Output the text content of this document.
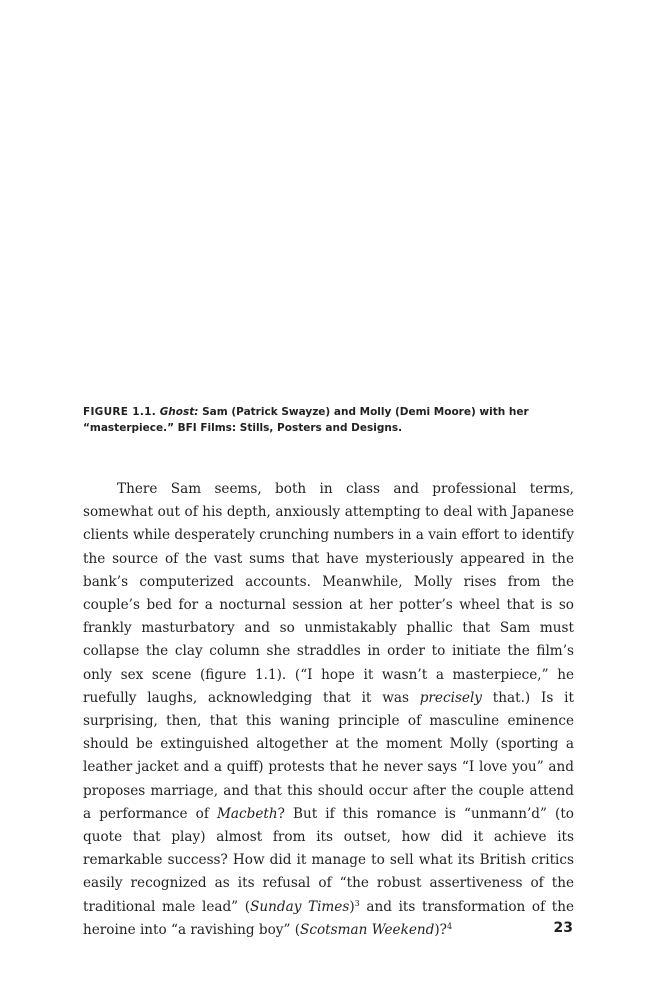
FIGURE 1.1. Ghost: Sam (Patrick Swayze) and Molly (Demi Moore) with her “masterpiece.” BFI Films: Stills, Posters and Designs.

There Sam seems, both in class and professional terms, somewhat out of his depth, anxiously attempting to deal with Japanese clients while desperately crunching numbers in a vain effort to identify the source of the vast sums that have mysteriously appeared in the bank’s computerized accounts. Meanwhile, Molly rises from the couple’s bed for a nocturnal session at her potter’s wheel that is so frankly masturbatory and so unmistakably phallic that Sam must collapse the clay column she straddles in order to initiate the film’s only sex scene (figure 1.1). (“I hope it wasn’t a masterpiece,” he ruefully laughs, acknowledging that it was precisely that.) Is it surprising, then, that this waning principle of masculine eminence should be extinguished altogether at the moment Molly (sporting a leather jacket and a quiff) protests that he never says “I love you” and proposes marriage, and that this should occur after the couple attend a performance of Macbeth? But if this romance is “unmann’d” (to quote that play) almost from its outset, how did it achieve its remarkable success? How did it manage to sell what its British critics easily recognized as its refusal of “the robust assertiveness of the traditional male lead” (Sunday Times)$^3$ and its transformation of the heroine into “a ravishing boy” (Scotsman Weekend)?$^4$	23
